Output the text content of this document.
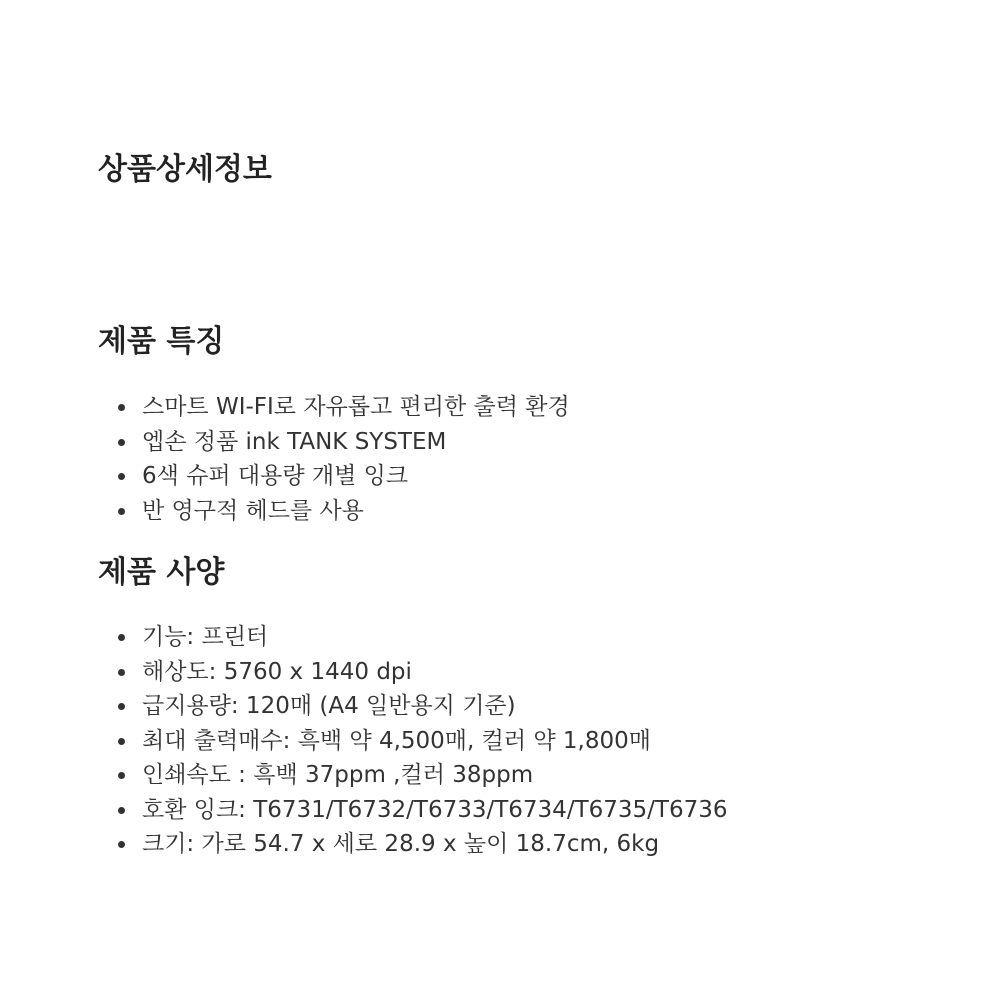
상품상세정보
제품 특징
스마트 WI-FI로 자유롭고 편리한 출력 환경
엡손 정품 ink TANK SYSTEM
6색 슈퍼 대용량 개별 잉크
반 영구적 헤드를 사용
제품 사양
기능: 프린터
해상도: 5760 x 1440 dpi
급지용량: 120매 (A4 일반용지 기준)
최대 출력매수: 흑백 약 4,500매, 컬러 약 1,800매
인쇄속도 : 흑백 37ppm ,컬러 38ppm
호환 잉크: T6731/T6732/T6733/T6734/T6735/T6736
크기: 가로 54.7 x 세로 28.9 x 높이 18.7cm, 6kg
